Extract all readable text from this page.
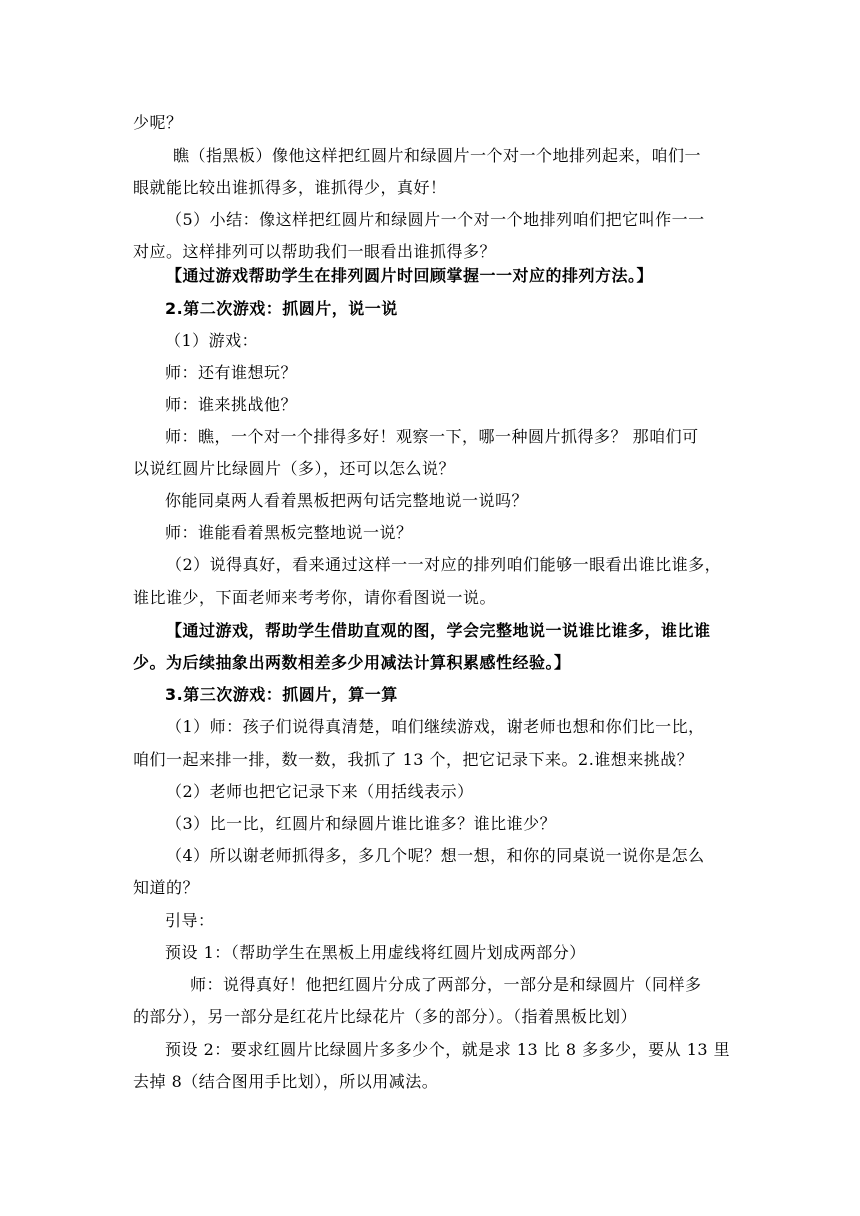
少呢？
瞧（指黑板）像他这样把红圆片和绿圆片一个对一个地排列起来，咱们一
眼就能比较出谁抓得多，谁抓得少，真好！
（5）小结：像这样把红圆片和绿圆片一个对一个地排列咱们把它叫作一一
对应。这样排列可以帮助我们一眼看出谁抓得多？
【通过游戏帮助学生在排列圆片时回顾掌握一一对应的排列方法。】
2.第二次游戏：抓圆片，说一说
（1）游戏：
师：还有谁想玩？
师：谁来挑战他？
师：瞧，一个对一个排得多好！观察一下，哪一种圆片抓得多？ 那咱们可
以说红圆片比绿圆片（多），还可以怎么说？
你能同桌两人看着黑板把两句话完整地说一说吗？
师：谁能看着黑板完整地说一说？
（2）说得真好，看来通过这样一一对应的排列咱们能够一眼看出谁比谁多，
谁比谁少，下面老师来考考你，请你看图说一说。
【通过游戏，帮助学生借助直观的图，学会完整地说一说谁比谁多，谁比谁
少。为后续抽象出两数相差多少用减法计算积累感性经验。】
3.第三次游戏：抓圆片，算一算
（1）师：孩子们说得真清楚，咱们继续游戏，谢老师也想和你们比一比，
咱们一起来排一排，数一数，我抓了 13 个，把它记录下来。2.谁想来挑战？
（2）老师也把它记录下来（用括线表示）
（3）比一比，红圆片和绿圆片谁比谁多？谁比谁少？
（4）所以谢老师抓得多，多几个呢？想一想，和你的同桌说一说你是怎么
知道的？
引导：
预设 1：（帮助学生在黑板上用虚线将红圆片划成两部分）
师：说得真好！他把红圆片分成了两部分，一部分是和绿圆片（同样多
的部分），另一部分是红花片比绿花片（多的部分）。（指着黑板比划）
预设 2：要求红圆片比绿圆片多多少个，就是求 13 比 8 多多少，要从 13 里
去掉 8（结合图用手比划），所以用减法。
